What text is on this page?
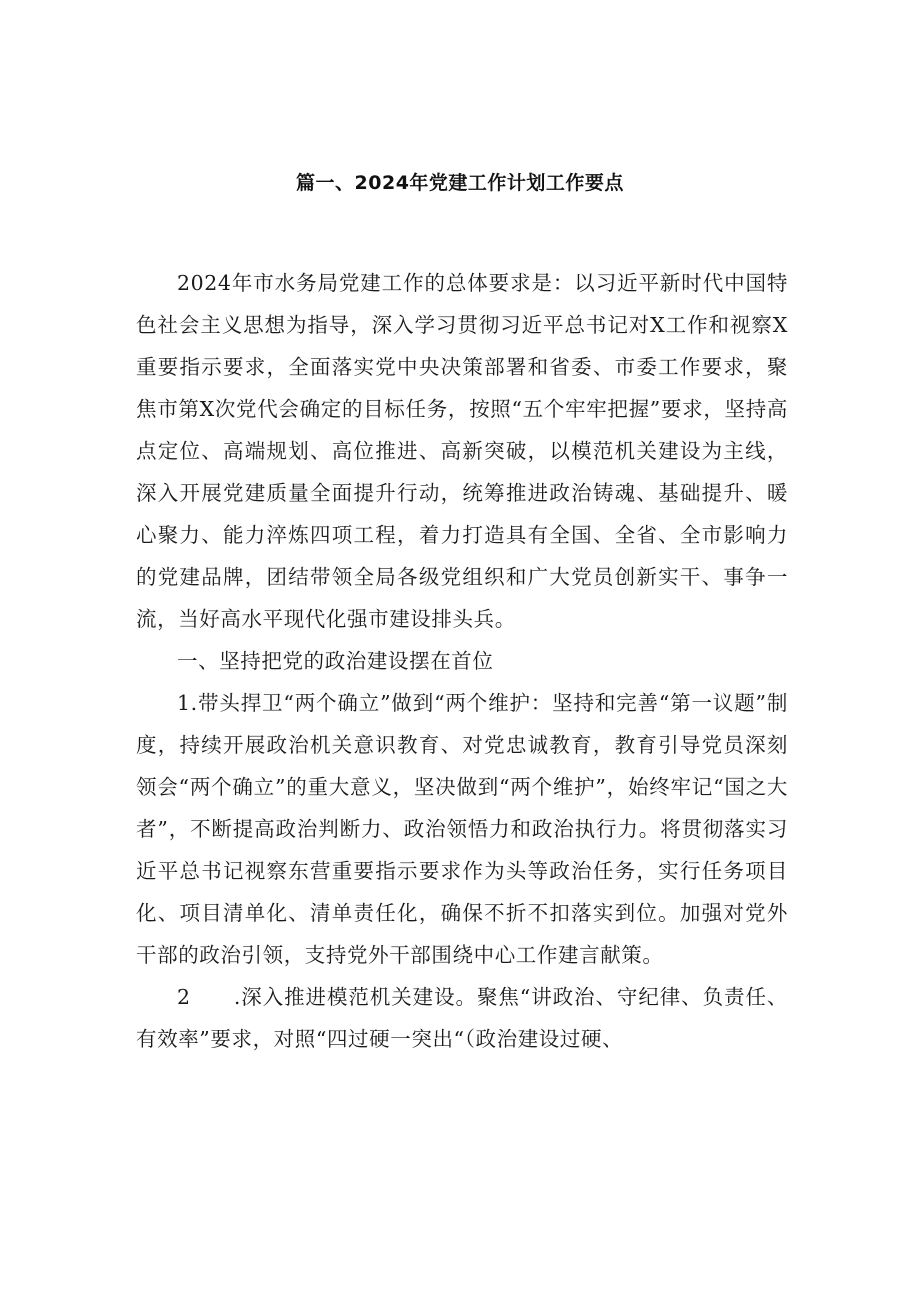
篇一、2024年党建工作计划工作要点

2024年市水务局党建工作的总体要求是：以习近平新时代中国特色社会主义思想为指导，深入学习贯彻习近平总书记对X工作和视察X重要指示要求，全面落实党中央决策部署和省委、市委工作要求，聚焦市第X次党代会确定的目标任务，按照“五个牢牢把握”要求，坚持高点定位、高端规划、高位推进、高新突破，以模范机关建设为主线，深入开展党建质量全面提升行动，统筹推进政治铸魂、基础提升、暖心聚力、能力淬炼四项工程，着力打造具有全国、全省、全市影响力的党建品牌，团结带领全局各级党组织和广大党员创新实干、事争一流，当好高水平现代化强市建设排头兵。

一、坚持把党的政治建设摆在首位

1.带头捍卫“两个确立”做到“两个维护：坚持和完善“第一议题”制度，持续开展政治机关意识教育、对党忠诚教育，教育引导党员深刻领会“两个确立”的重大意义，坚决做到“两个维护”，始终牢记“国之大者”，不断提高政治判断力、政治领悟力和政治执行力。将贯彻落实习近平总书记视察东营重要指示要求作为头等政治任务，实行任务项目化、项目清单化、清单责任化，确保不折不扣落实到位。加强对党外干部的政治引领，支持党外干部围绕中心工作建言献策。

2　　.深入推进模范机关建设。聚焦“讲政治、守纪律、负责任、有效率”要求，对照“四过硬一突出“（政治建设过硬、
